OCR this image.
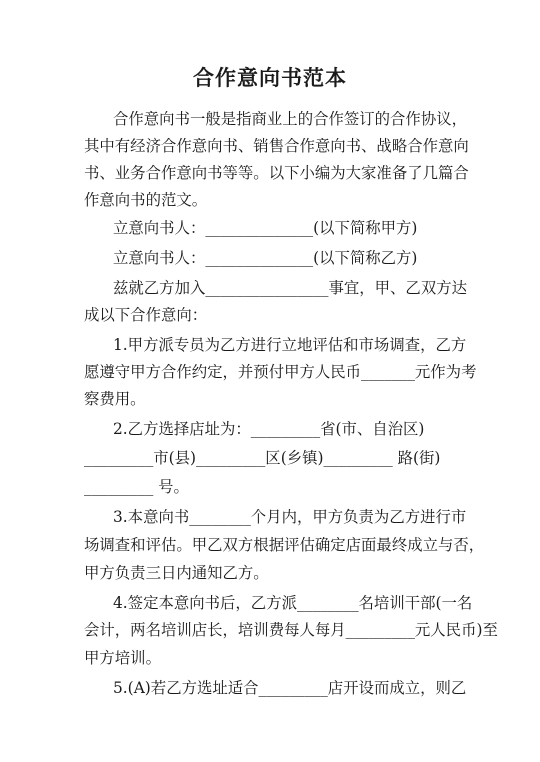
合作意向书范本
合作意向书一般是指商业上的合作签订的合作协议，
其中有经济合作意向书、销售合作意向书、战略合作意向
书、业务合作意向书等等。以下小编为大家准备了几篇合
作意向书的范文。
立意向书人：______________(以下简称甲方)
立意向书人：______________(以下简称乙方)
兹就乙方加入________________事宜，甲、乙双方达
成以下合作意向：
1.甲方派专员为乙方进行立地评估和市场调查，乙方
愿遵守甲方合作约定，并预付甲方人民币_______元作为考
察费用。
2.乙方选择店址为：_________省(市、自治区)
_________市(县)_________区(乡镇)_________ 路(街)
_________ 号。
3.本意向书________个月内，甲方负责为乙方进行市
场调查和评估。甲乙双方根据评估确定店面最终成立与否，
甲方负责三日内通知乙方。
4.签定本意向书后，乙方派________名培训干部(一名
会计，两名培训店长，培训费每人每月_________元人民币)至
甲方培训。
5.(A)若乙方选址适合_________店开设而成立，则乙
